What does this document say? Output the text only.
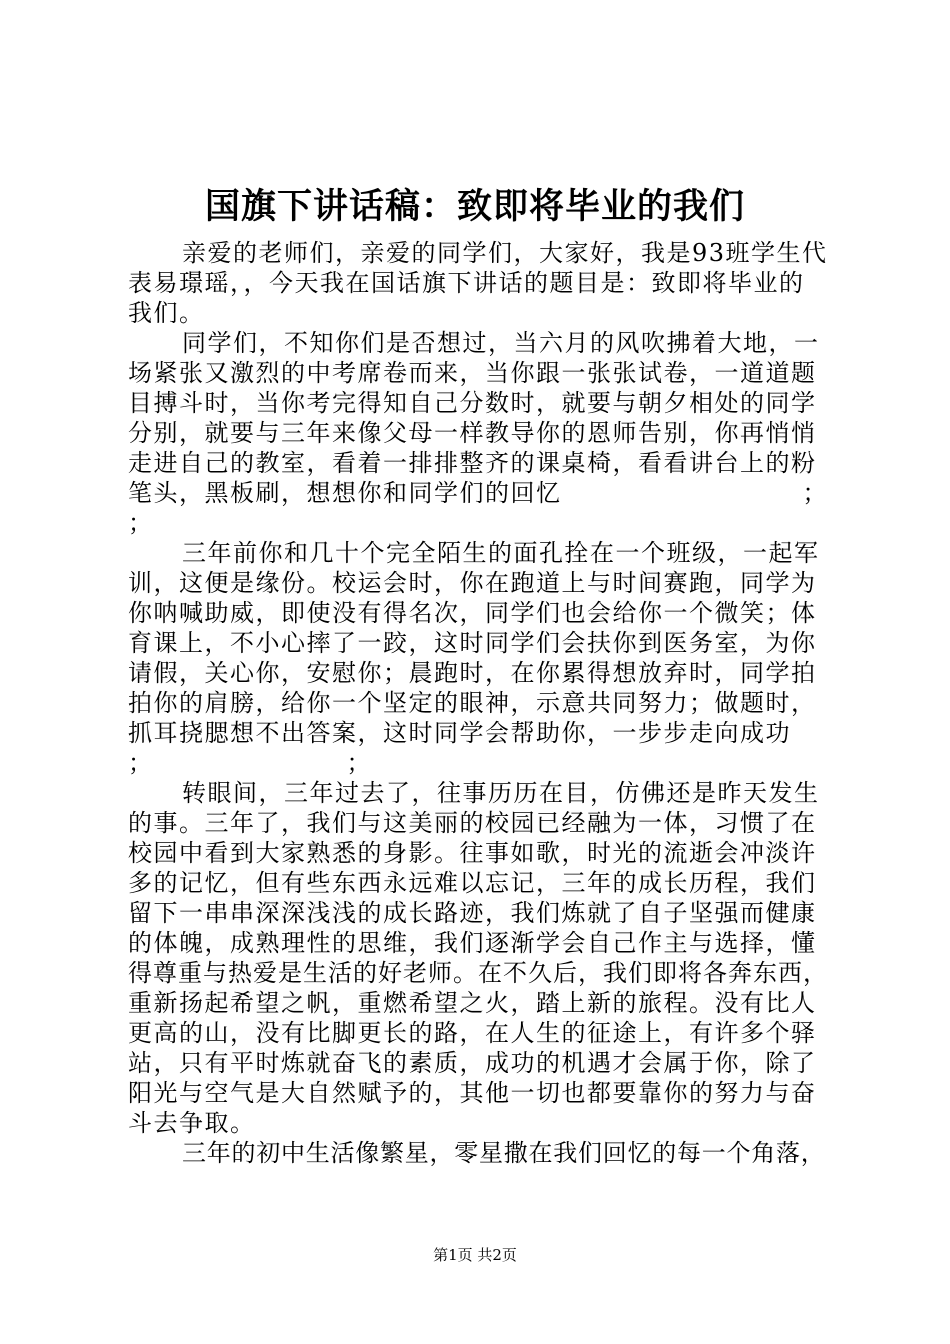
国旗下讲话稿：致即将毕业的我们
亲爱的老师们，亲爱的同学们，大家好，我是93班学生代
表易璟瑶，，今天我在国话旗下讲话的题目是：致即将毕业的
我们。
同学们，不知你们是否想过，当六月的风吹拂着大地，一
场紧张又激烈的中考席卷而来，当你跟一张张试卷，一道道题
目搏斗时，当你考完得知自己分数时，就要与朝夕相处的同学
分别，就要与三年来像父母一样教导你的恩师告别，你再悄悄
走进自己的教室，看着一排排整齐的课桌椅，看看讲台上的粉
笔头，黑板刷，想想你和同学们的回忆	；
；
三年前你和几十个完全陌生的面孔拴在一个班级，一起军
训，这便是缘份。校运会时，你在跑道上与时间赛跑，同学为
你呐喊助威，即使没有得名次，同学们也会给你一个微笑；体
育课上，不小心摔了一跤，这时同学们会扶你到医务室，为你
请假，关心你，安慰你；晨跑时，在你累得想放弃时，同学拍
拍你的肩膀，给你一个坚定的眼神，示意共同努力；做题时，
抓耳挠腮想不出答案，这时同学会帮助你，一步步走向成功
；	；
转眼间，三年过去了，往事历历在目，仿佛还是昨天发生
的事。三年了，我们与这美丽的校园已经融为一体，习惯了在
校园中看到大家熟悉的身影。往事如歌，时光的流逝会冲淡许
多的记忆，但有些东西永远难以忘记，三年的成长历程，我们
留下一串串深深浅浅的成长路迹，我们炼就了自子坚强而健康
的体魄，成熟理性的思维，我们逐渐学会自己作主与选择，懂
得尊重与热爱是生活的好老师。在不久后，我们即将各奔东西，
重新扬起希望之帆，重燃希望之火，踏上新的旅程。没有比人
更高的山，没有比脚更长的路，在人生的征途上，有许多个驿
站，只有平时炼就奋飞的素质，成功的机遇才会属于你，除了
阳光与空气是大自然赋予的，其他一切也都要靠你的努力与奋
斗去争取。
三年的初中生活像繁星，零星撒在我们回忆的每一个角落，
第1页 共2页
